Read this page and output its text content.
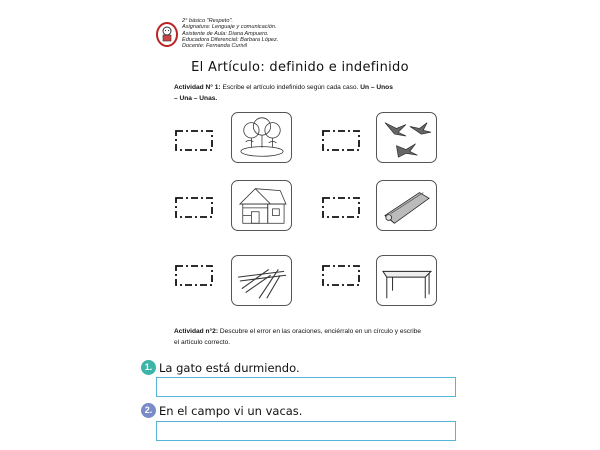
2° básico "Respeto".
Asignatura: Lenguaje y comunicación.
Asistente de Aula: Diana Ampuero.
Educadora Diferencial: Barbara López.
Docente: Fernanda Curivil
El Artículo: definido e indefinido
Actividad N° 1: Escribe el artículo indefinido según cada caso. Un – Unos
– Una – Unas.
Actividad n°2: Descubre el error en las oraciones, enciérralo en un círculo y escribe el artículo correcto.
1. La gato está durmiendo.
2. En el campo vi un vacas.
